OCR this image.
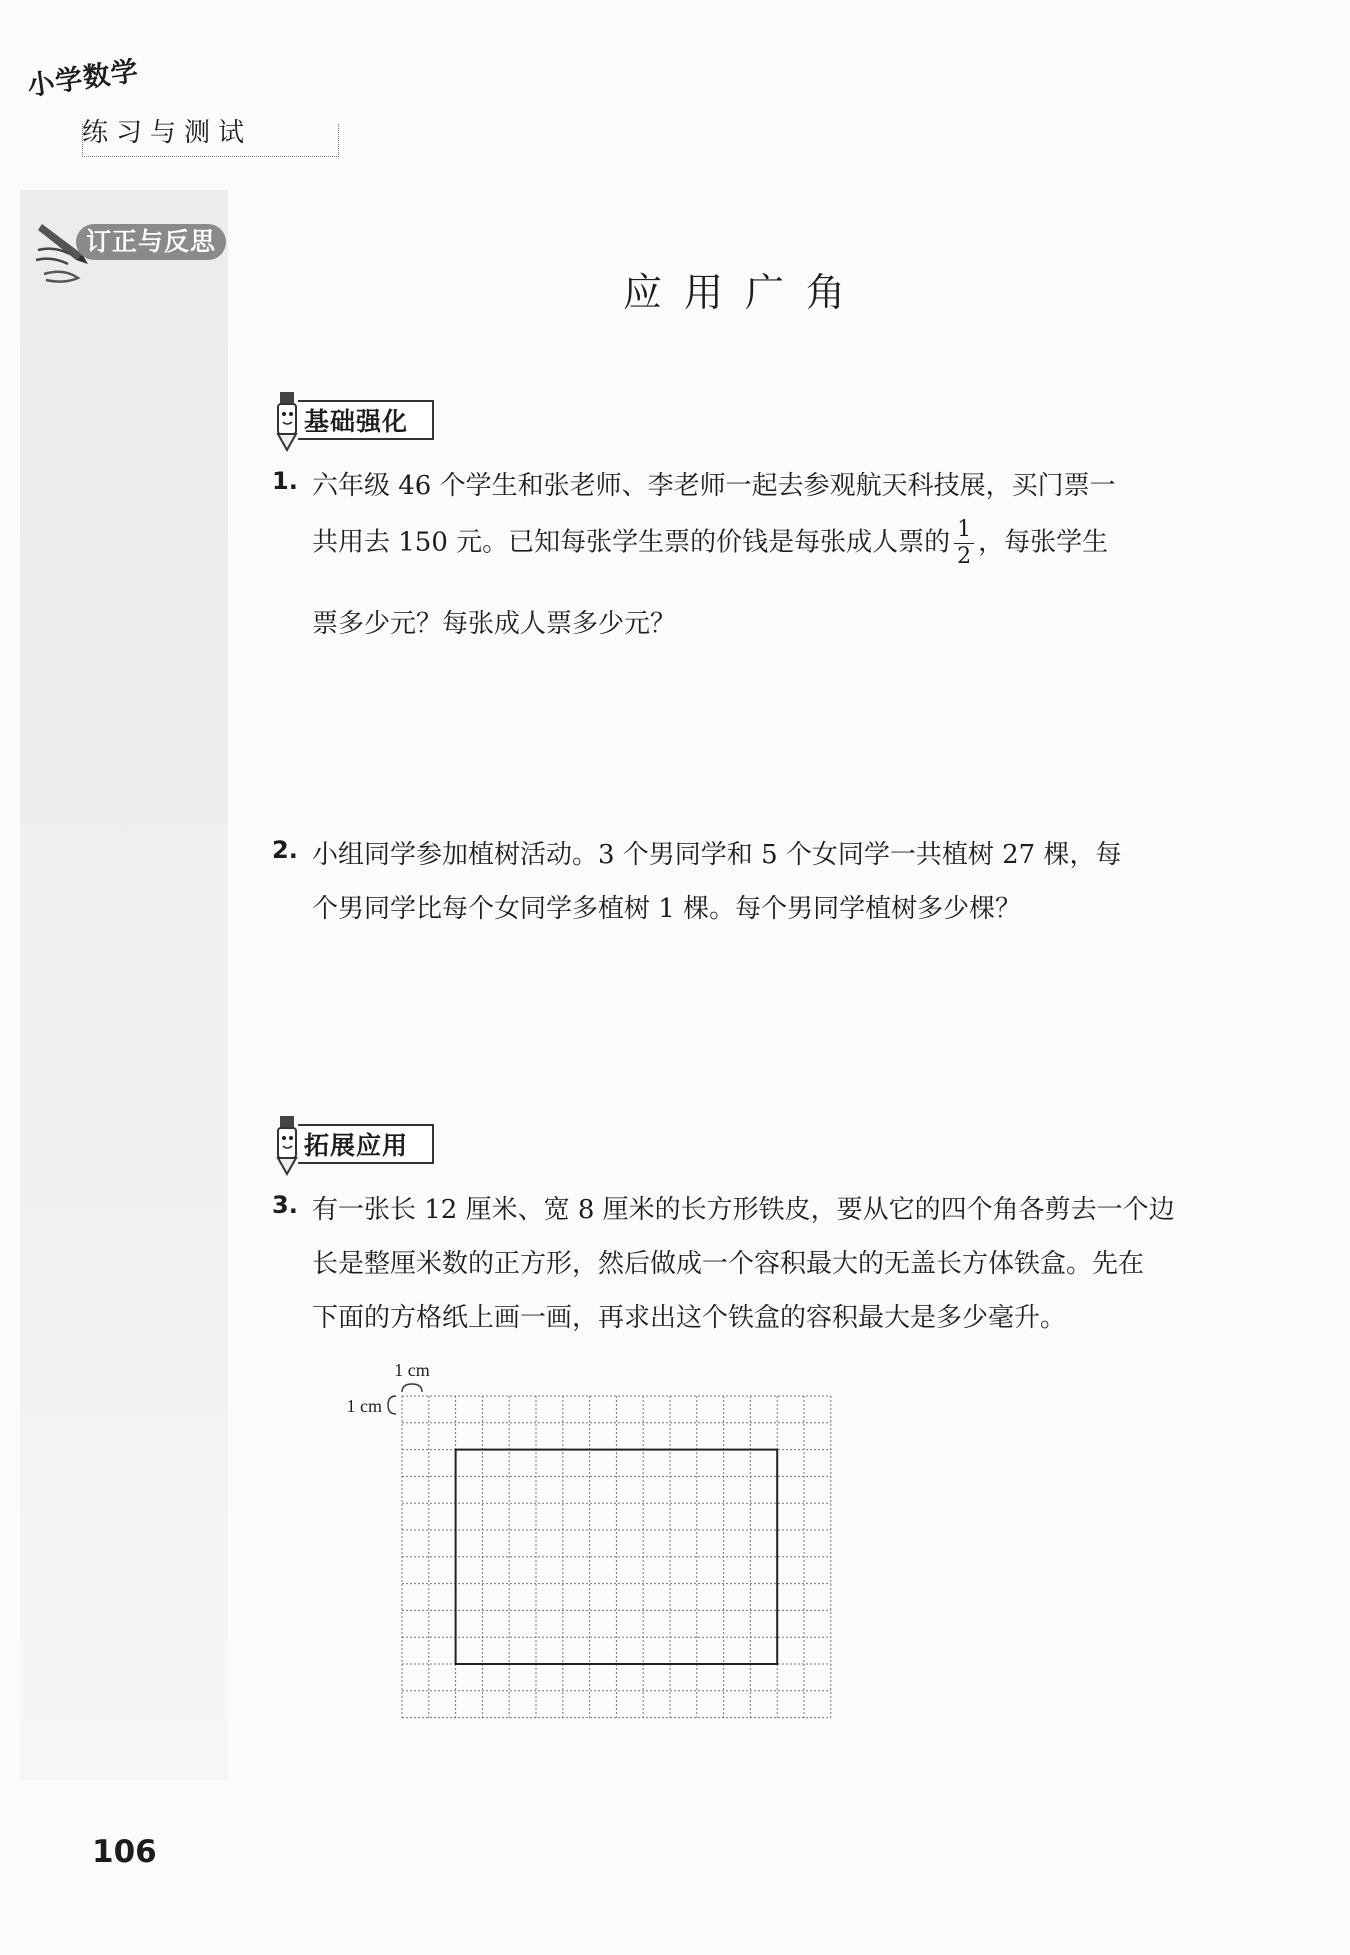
小学数学
练习与测试
订正与反思
应用广角
基础强化
1. 六年级 46 个学生和张老师、李老师一起去参观航天科技展，买门票一
共用去 150 元。已知每张学生票的价钱是每张成人票的 $\frac{1}{2}$ ，每张学生
票多少元？每张成人票多少元？
2. 小组同学参加植树活动。3 个男同学和 5 个女同学一共植树 27 棵，每
个男同学比每个女同学多植树 1 棵。每个男同学植树多少棵？
拓展应用
3. 有一张长 12 厘米、宽 8 厘米的长方形铁皮，要从它的四个角各剪去一个边
长是整厘米数的正方形，然后做成一个容积最大的无盖长方体铁盒。先在
下面的方格纸上画一画，再求出这个铁盒的容积最大是多少毫升。
1 cm
1 cm
106
